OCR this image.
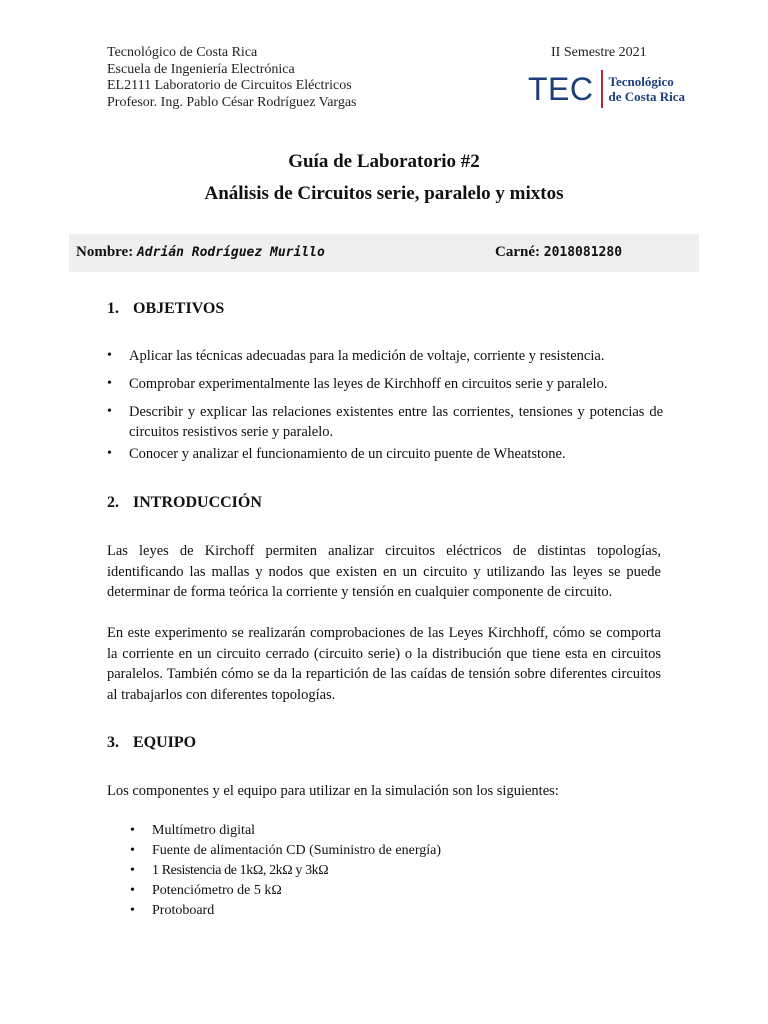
Tecnológico de Costa Rica
Escuela de Ingeniería Electrónica
EL2111 Laboratorio de Circuitos Eléctricos
Profesor. Ing. Pablo César Rodríguez Vargas
II Semestre 2021
TEC Tecnológico
de Costa Rica
Guía de Laboratorio #2
Análisis de Circuitos serie, paralelo y mixtos
Nombre: Adrián Rodríguez Murillo	Carné: 2018081280
1. OBJETIVOS
• Aplicar las técnicas adecuadas para la medición de voltaje, corriente y resistencia.
• Comprobar experimentalmente las leyes de Kirchhoff en circuitos serie y paralelo.
• Describir y explicar las relaciones existentes entre las corrientes, tensiones y potencias de circuitos resistivos serie y paralelo.
• Conocer y analizar el funcionamiento de un circuito puente de Wheatstone.
2. INTRODUCCIÓN

Las leyes de Kirchoff permiten analizar circuitos eléctricos de distintas topologías, identificando las mallas y nodos que existen en un circuito y utilizando las leyes se puede determinar de forma teórica la corriente y tensión en cualquier componente de circuito.

En este experimento se realizarán comprobaciones de las Leyes Kirchhoff, cómo se comporta la corriente en un circuito cerrado (circuito serie) o la distribución que tiene esta en circuitos paralelos. También cómo se da la repartición de las caídas de tensión sobre diferentes circuitos al trabajarlos con diferentes topologías.

3. EQUIPO

Los componentes y el equipo para utilizar en la simulación son los siguientes:

• Multímetro digital
• Fuente de alimentación CD (Suministro de energía)
• 1 Resistencia de 1kΩ, 2kΩ y 3kΩ
• Potenciómetro de 5 kΩ
• Protoboard
